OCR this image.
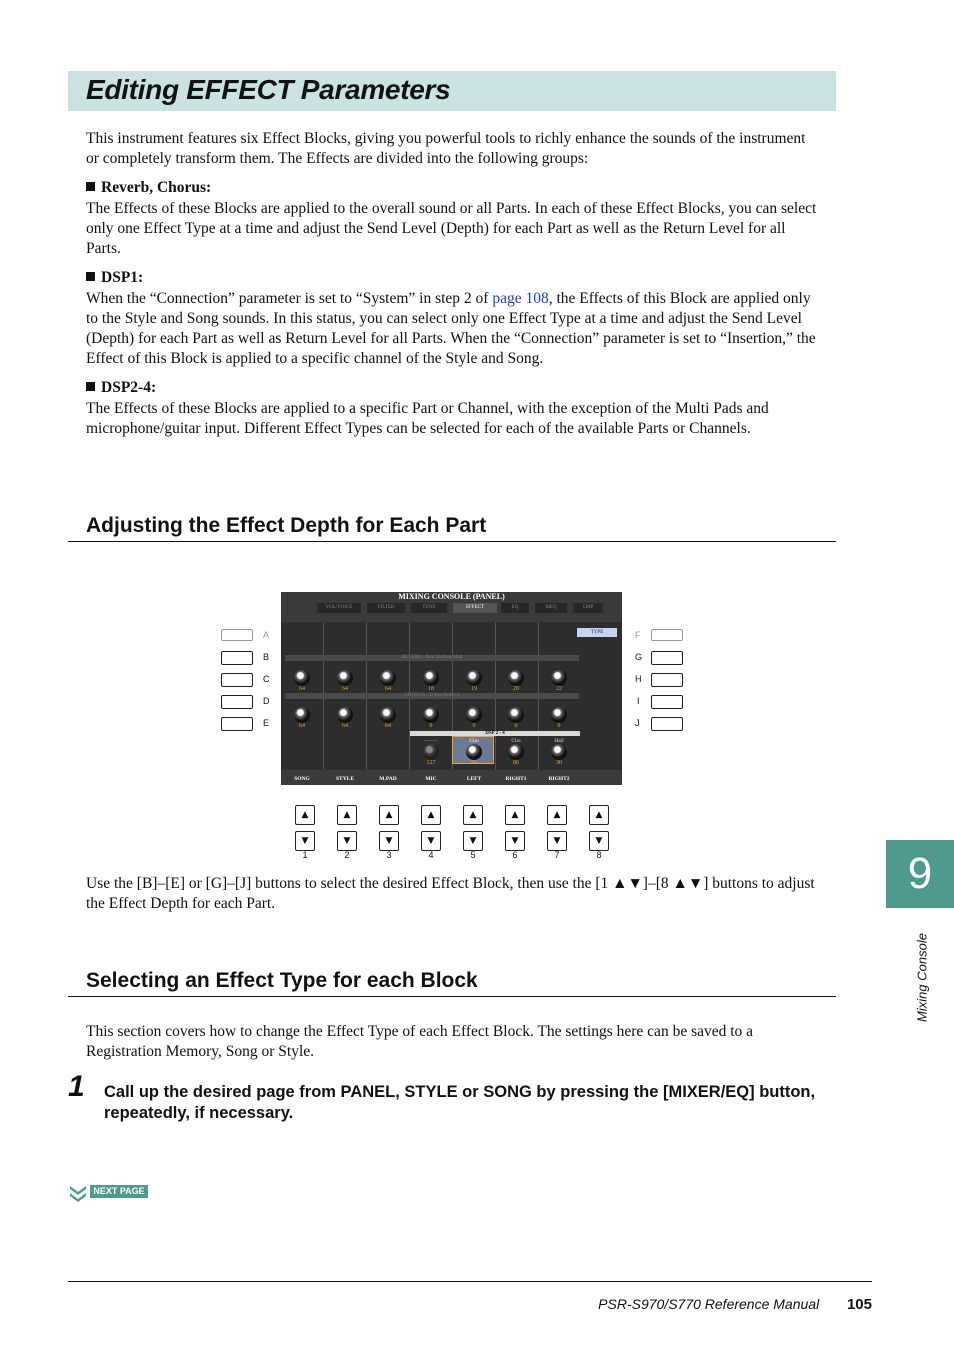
Editing EFFECT Parameters

This instrument features six Effect Blocks, giving you powerful tools to richly enhance the sounds of the instrument or completely transform them. The Effects are divided into the following groups:

Reverb, Chorus:

The Effects of these Blocks are applied to the overall sound or all Parts. In each of these Effect Blocks, you can select only one Effect Type at a time and adjust the Send Level (Depth) for each Part as well as the Return Level for all Parts.

DSP1:

When the “Connection” parameter is set to “System” in step 2 of page 108, the Effects of this Block are applied only to the Style and Song sounds. In this status, you can select only one Effect Type at a time and adjust the Send Level (Depth) for each Part as well as Return Level for all Parts. When the “Connection” parameter is set to “Insertion,” the Effect of this Block is applied to a specific channel of the Style and Song.

DSP2-4:

The Effects of these Blocks are applied to a specific Part or Channel, with the exception of the Multi Pads and microphone/guitar input. Different Effect Types can be selected for each of the available Parts or Channels.

Adjusting the Effect Depth for Each Part
A
B
C
D
E
F
G
H
I
J
MIXING CONSOLE (PANEL)
VOL/VOICE	FILTER	TUNE	EFFECT	EQ	MEQ	CMP
TYPE
REVERB : Real Medium Hall
64	64	64	18	19	20	22
CHORUS : Tempo Delay 1
64	64	64	0	0	0	0
DSP 2 - 4
---------	Cho	Cho	Hall
127	56	86	30
SONG	STYLE	M.PAD	MIC	LEFT	RIGHT1	RIGHT2
▲
▼
1
▲
▼
2
▲
▼
3
▲
▼
4
▲
▼
5
▲
▼
6
▲
▼
7
▲
▼
8

Use the [B]–[E] or [G]–[J] buttons to select the desired Effect Block, then use the [1 ▲▼]–[8 ▲▼] buttons to adjust the Effect Depth for each Part.

Selecting an Effect Type for each Block

This section covers how to change the Effect Type of each Effect Block. The settings here can be saved to a Registration Memory, Song or Style.

1 Call up the desired page from PANEL, STYLE or SONG by pressing the [MIXER/EQ] button, repeatedly, if necessary.

NEXT PAGE
9
Mixing Console
PSR-S970/S770 Reference Manual 105
